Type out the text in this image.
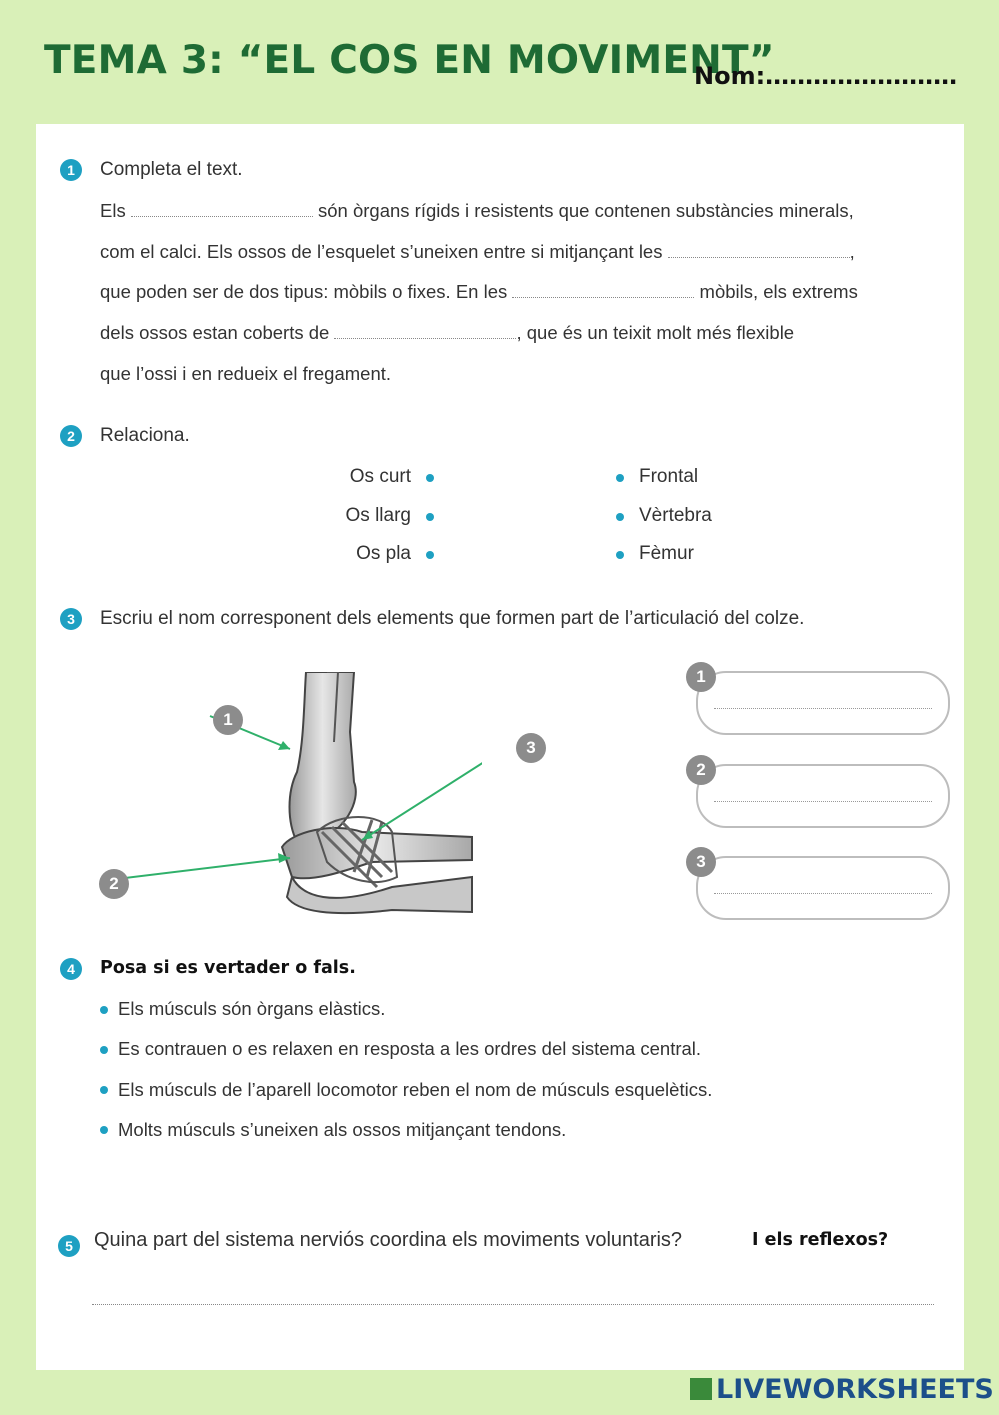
TEMA 3: “EL COS EN MOVIMENT”
Nom:……………………
1	Completa el text.
Els	són òrgans rígids i resistents que contenen substàncies minerals,
com el calci. Els ossos de l’esquelet s’uneixen entre si mitjançant les	,
que poden ser de dos tipus: mòbils o fixes. En les	mòbils, els extrems
dels ossos estan coberts de	, que és un teixit molt més flexible
que l’ossi i en redueix el fregament.
2	Relaciona.
Os curt
Os llarg
Os pla
Frontal
Vèrtebra
Fèmur
3	Escriu el nom corresponent dels elements que formen part de l’articulació del colze.
1
2
3
1
2
3
4	Posa si es vertader o fals.
Els músculs són òrgans elàstics.
Es contrauen o es relaxen en resposta a les ordres del sistema central.
Els músculs de l’aparell locomotor reben el nom de músculs esquelètics.
Molts músculs s’uneixen als ossos mitjançant tendons.
5	Quina part del sistema nerviós coordina els moviments voluntaris?	I els reflexos?
LIVEWORKSHEETS
